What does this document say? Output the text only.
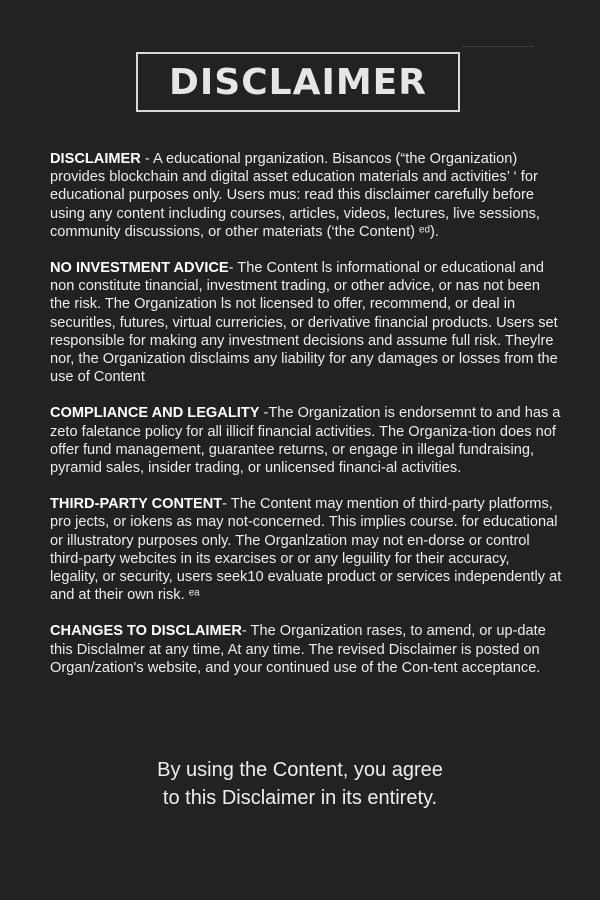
DISCLAIMER

DISCLAIMER - A educational prganization. Bisancos (“the Organization) provides blockchain and digital asset education materials and activities’ ‘ for educational purposes only. Users mus: read this disclaimer carefully before using any content including courses, articles, videos, lectures, live sessions, community discussions, or other materiats (‘the Content) ᵉᵈ).

NO INVESTMENT ADVICE- The Content ls informational or educational and non constitute tinancial, investment trading, or other advice, or nas not been the risk. The Organization ls not licensed to offer, recommend, or deal in securitles, futures, virtual currericies, or derivative financial products. Users set responsible for making any investment decisions and assume full risk. Theylre nor, the Organization disclaims any liability for any damages or losses from the use of Content

COMPLIANCE AND LEGALITY -The Organization is endorsemnt to and has a zeto faletance policy for all illicif financial activities. The Organiza-tion does nof offer fund management, guarantee returns, or engage in illegal fundraising, pyramid sales, insider trading, or unlicensed financi-al activities.

THIRD-PARTY CONTENT- The Content may mention of third-party platforms, pro jects, or iokens as may not-concerned. This implies course. for educational or illustratory purposes only. The Organlzation may not en-dorse or control third-party webcites in its exarcises or or any leguility for their accuracy, legality, or security, users seek10 evaluate product or services independently at and at their own risk. ᵉᵃ

CHANGES TO DISCLAIMER- The Organization rases, to amend, or up-date this Disclalmer at any time, At any time. The revised Disclaimer is posted on Organ/zation's website, and your continued use of the Con-tent acceptance.

By using the Content, you agree
to this Disclaimer in its entirety.
